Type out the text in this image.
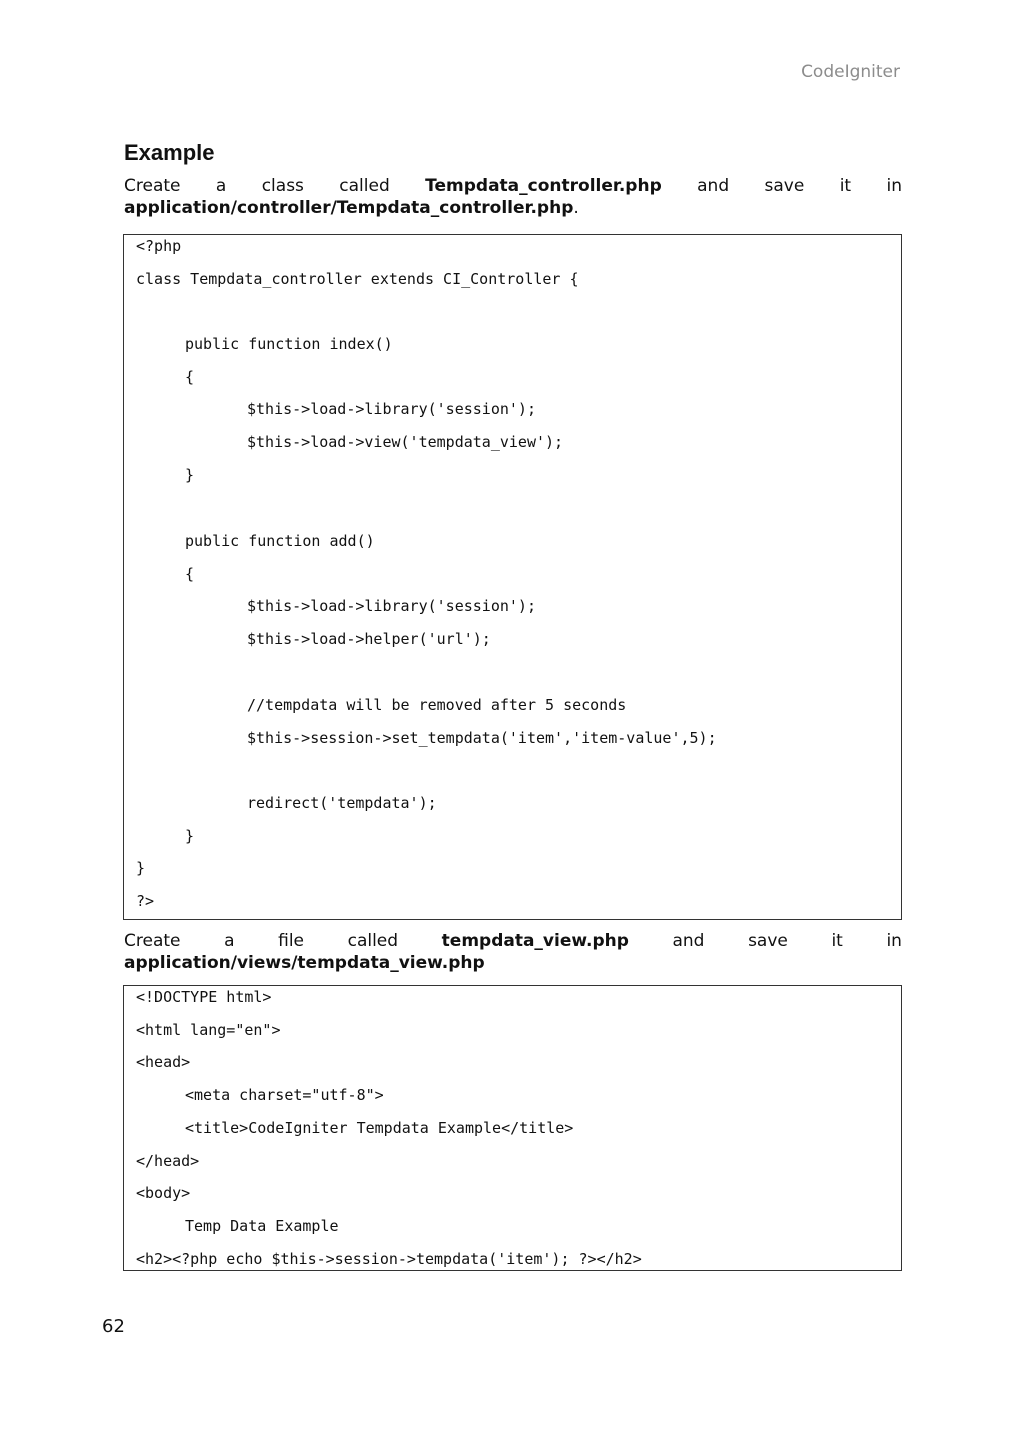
CodeIgniter
Example
Create a class called Tempdata_controller.php and save it in
application/controller/Tempdata_controller.php.
<?php
class Tempdata_controller extends CI_Controller {
public function index()
{
$this->load->library('session');
$this->load->view('tempdata_view');
}
public function add()
{
$this->load->library('session');
$this->load->helper('url');
//tempdata will be removed after 5 seconds
$this->session->set_tempdata('item','item-value',5);
redirect('tempdata');
}
}
?>
Create	a	file	called	tempdata_view.php	and	save	it	in
application/views/tempdata_view.php
<!DOCTYPE html>
<html lang="en">
<head>
<meta charset="utf-8">
<title>CodeIgniter Tempdata Example</title>
</head>
<body>
Temp Data Example
<h2><?php echo $this->session->tempdata('item'); ?></h2>
62
